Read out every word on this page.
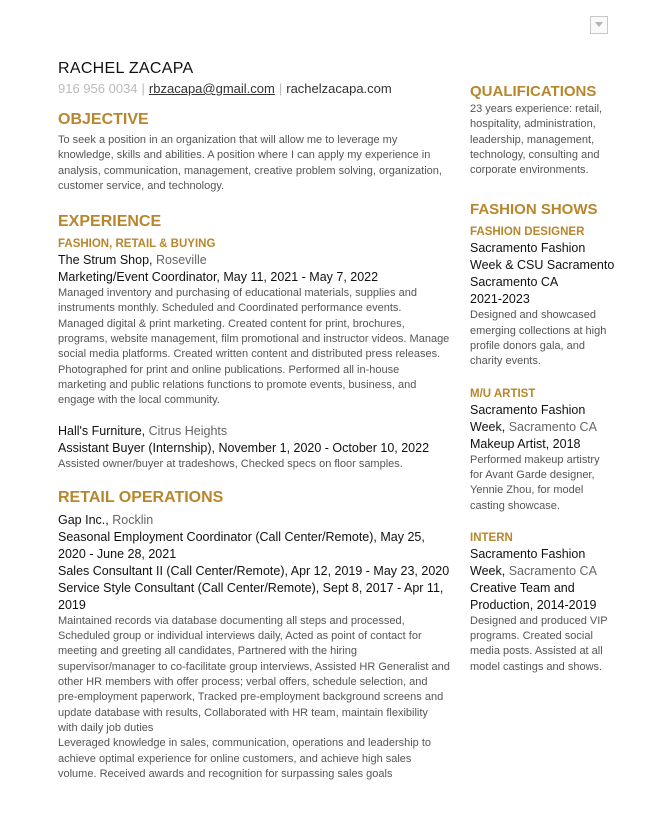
RACHEL ZACAPA
916 956 0034 | rbzacapa@gmail.com | rachelzacapa.com
OBJECTIVE

To seek a position in an organization that will allow me to leverage my knowledge, skills and abilities. A position where I can apply my experience in analysis, communication, management, creative problem solving, organization, customer service, and technology.

EXPERIENCE
FASHION, RETAIL & BUYING

The Strum Shop, Roseville

Marketing/Event Coordinator, May 11, 2021 - May 7, 2022

Managed inventory and purchasing of educational materials, supplies and instruments monthly. Scheduled and Coordinated performance events. Managed digital & print marketing. Created content for print, brochures, programs, website management, film promotional and instructor videos. Manage social media platforms. Created written content and distributed press releases. Photographed for print and online publications. Performed all in-house marketing and public relations functions to promote events, business, and engage with the local community.

Hall's Furniture, Citrus Heights

Assistant Buyer (Internship), November 1, 2020 - October 10, 2022

Assisted owner/buyer at tradeshows, Checked specs on floor samples.

RETAIL OPERATIONS

Gap Inc., Rocklin

Seasonal Employment Coordinator (Call Center/Remote), May 25, 2020 - June 28, 2021

Sales Consultant II (Call Center/Remote), Apr 12, 2019 - May 23, 2020

Service Style Consultant (Call Center/Remote), Sept 8, 2017 - Apr 11, 2019

Maintained records via database documenting all steps and processed, Scheduled group or individual interviews daily, Acted as point of contact for meeting and greeting all candidates, Partnered with the hiring supervisor/manager to co-facilitate group interviews, Assisted HR Generalist and other HR members with offer process; verbal offers, schedule selection, and pre-employment paperwork, Tracked pre-employment background screens and update database with results, Collaborated with HR team, maintain flexibility with daily job duties

Leveraged knowledge in sales, communication, operations and leadership to achieve optimal experience for online customers, and achieve high sales volume. Received awards and recognition for surpassing sales goals

QUALIFICATIONS

23 years experience: retail, hospitality, administration, leadership, management, technology, consulting and corporate environments.

FASHION SHOWS
FASHION DESIGNER

Sacramento Fashion Week & CSU Sacramento

Sacramento CA

2021-2023

Designed and showcased emerging collections at high profile donors gala, and charity events.

M/U ARTIST

Sacramento Fashion Week, Sacramento CA

Makeup Artist, 2018

Performed makeup artistry for Avant Garde designer, Yennie Zhou, for model casting showcase.

INTERN

Sacramento Fashion Week, Sacramento CA

Creative Team and Production, 2014-2019

Designed and produced VIP programs. Created social media posts. Assisted at all model castings and shows.
